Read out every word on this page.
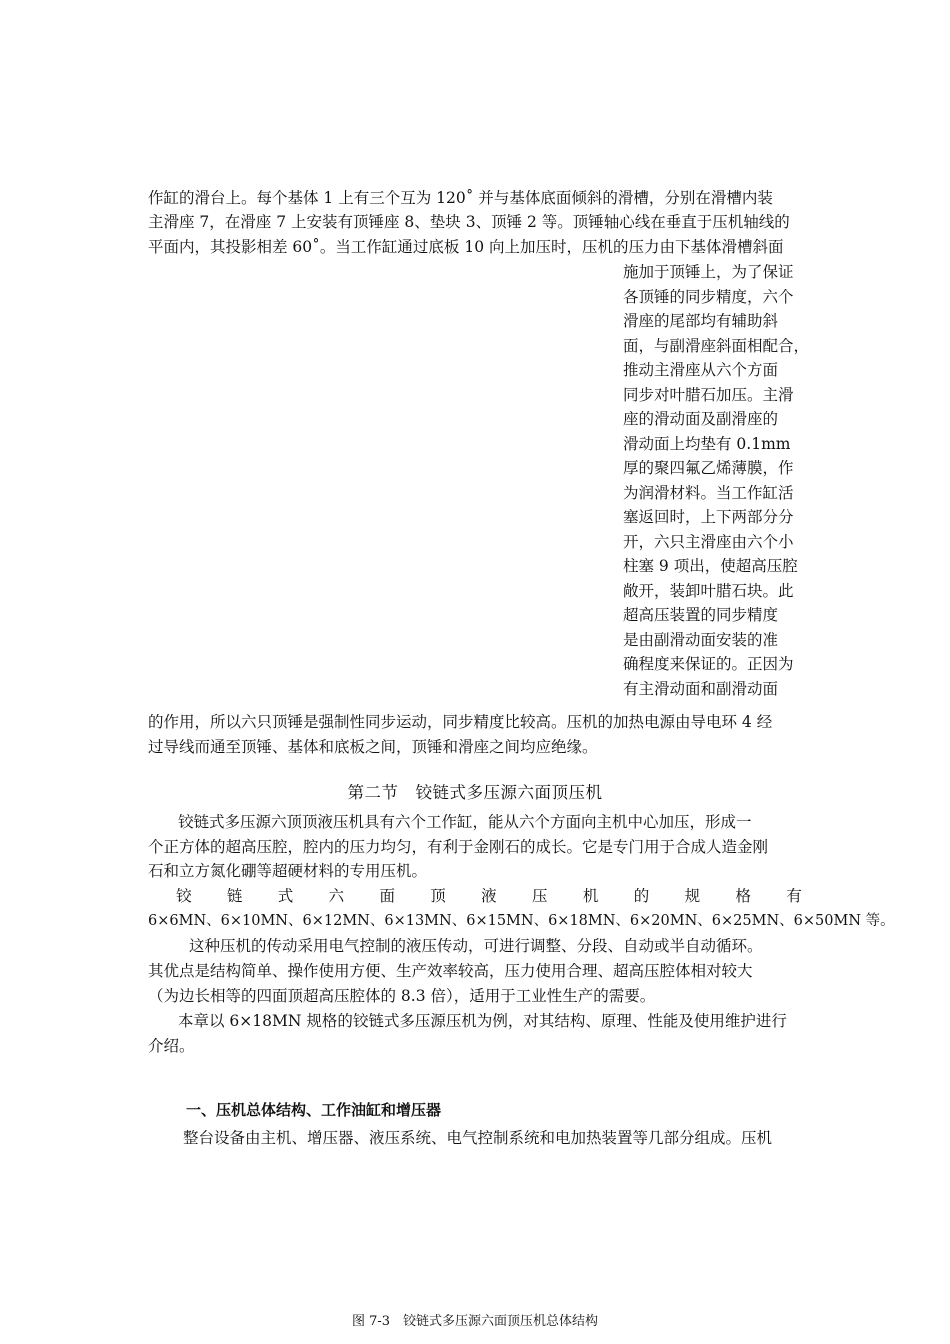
作缸的滑台上。每个基体 1 上有三个互为 120˚ 并与基体底面倾斜的滑槽，分别在滑槽内装
主滑座 7，在滑座 7 上安装有顶锤座 8、垫块 3、顶锤 2 等。顶锤轴心线在垂直于压机轴线的
平面内，其投影相差 60˚。当工作缸通过底板 10 向上加压时，压机的压力由下基体滑槽斜面
施加于顶锤上，为了保证
各顶锤的同步精度，六个
滑座的尾部均有辅助斜
面，与副滑座斜面相配合，
推动主滑座从六个方面
同步对叶腊石加压。主滑
座的滑动面及副滑座的
滑动面上均垫有 0.1mm
厚的聚四氟乙烯薄膜，作
为润滑材料。当工作缸活
塞返回时，上下两部分分
开，六只主滑座由六个小
柱塞 9 项出，使超高压腔
敞开，装卸叶腊石块。此
超高压装置的同步精度
是由副滑动面安装的准
确程度来保证的。正因为
有主滑动面和副滑动面
的作用，所以六只顶锤是强制性同步运动，同步精度比较高。压机的加热电源由导电环 4 经
过导线而通至顶锤、基体和底板之间，顶锤和滑座之间均应绝缘。
第二节　铰链式多压源六面顶压机
铰链式多压源六顶顶液压机具有六个工作缸，能从六个方面向主机中心加压，形成一
个正方体的超高压腔，腔内的压力均匀，有利于金刚石的成长。它是专门用于合成人造金刚
石和立方氮化硼等超硬材料的专用压机。
铰 链 式 六 面 顶 液 压 机 的 规 格 有
6×6MN、6×10MN、6×12MN、6×13MN、6×15MN、6×18MN、6×20MN、6×25MN、6×50MN 等。
这种压机的传动采用电气控制的液压传动，可进行调整、分段、自动或半自动循环。
其优点是结构简单、操作使用方便、生产效率较高，压力使用合理、超高压腔体相对较大
（为边长相等的四面顶超高压腔体的 8.3 倍），适用于工业性生产的需要。
本章以 6×18MN 规格的铰链式多压源压机为例，对其结构、原理、性能及使用维护进行
介绍。
一、压机总体结构、工作油缸和增压器
整台设备由主机、增压器、液压系统、电气控制系统和电加热装置等几部分组成。压机
图 7-3　铰链式多压源六面顶压机总体结构
